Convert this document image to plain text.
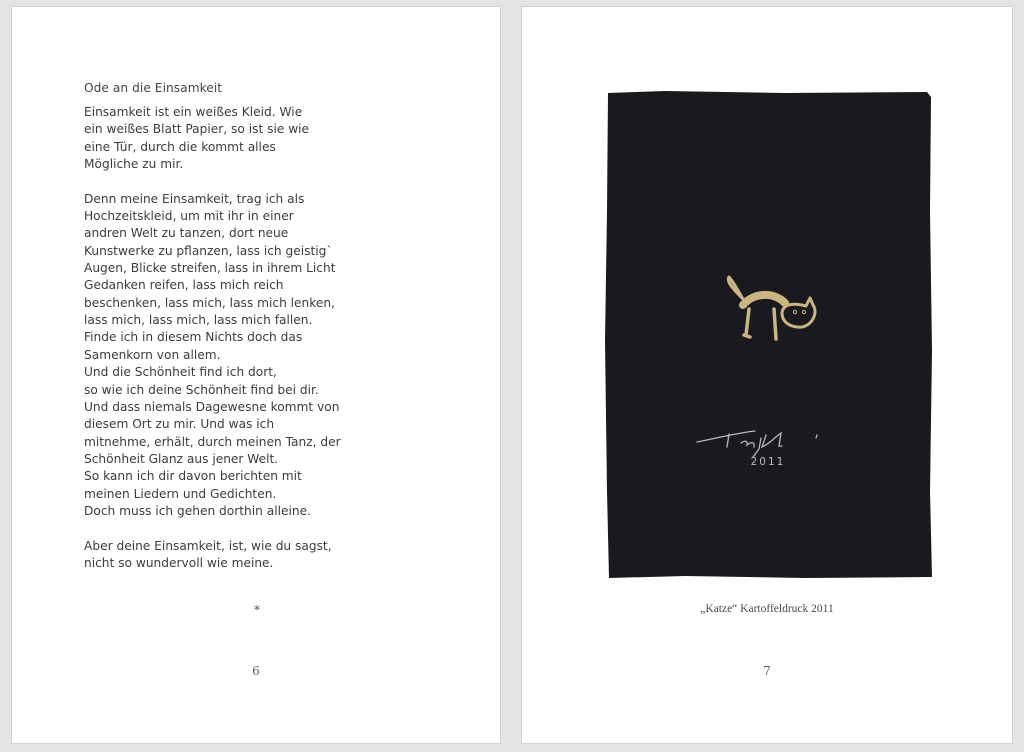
Ode an die Einsamkeit
Einsamkeit ist ein weißes Kleid. Wie
ein weißes Blatt Papier, so ist sie wie
eine Tür, durch die kommt alles
Mögliche zu mir.
Denn meine Einsamkeit, trag ich als
Hochzeitskleid, um mit ihr in einer
andren Welt zu tanzen, dort neue
Kunstwerke zu pflanzen, lass ich geistig`
Augen, Blicke streifen, lass in ihrem Licht
Gedanken reifen, lass mich reich
beschenken, lass mich, lass mich lenken,
lass mich, lass mich, lass mich fallen.
Finde ich in diesem Nichts doch das
Samenkorn von allem.
Und die Schönheit find ich dort,
so wie ich deine Schönheit find bei dir.
Und dass niemals Dagewesne kommt von
diesem Ort zu mir. Und was ich
mitnehme, erhält, durch meinen Tanz, der
Schönheit Glanz aus jener Welt.
So kann ich dir davon berichten mit
meinen Liedern und Gedichten.
Doch muss ich gehen dorthin alleine.
Aber deine Einsamkeit, ist, wie du sagst,
nicht so wundervoll wie meine.
*
6
2011
„Katze“ Kartoffeldruck 2011
7
